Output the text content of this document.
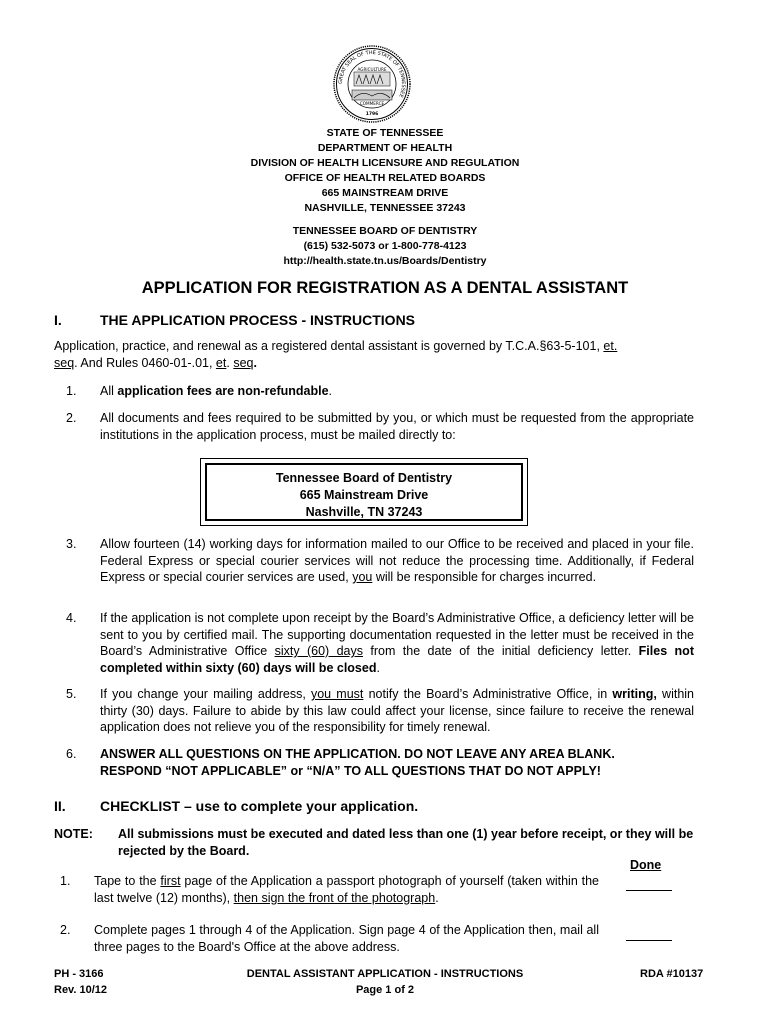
GREAT SEAL OF THE STATE OF TENNESSEE
AGRICULTURE
COMMERCE
1796
STATE OF TENNESSEE
DEPARTMENT OF HEALTH
DIVISION OF HEALTH LICENSURE AND REGULATION
OFFICE OF HEALTH RELATED BOARDS
665 MAINSTREAM DRIVE
NASHVILLE, TENNESSEE 37243
TENNESSEE BOARD OF DENTISTRY
(615) 532-5073 or 1-800-778-4123
http://health.state.tn.us/Boards/Dentistry
APPLICATION FOR REGISTRATION AS A DENTAL ASSISTANT
I.	THE APPLICATION PROCESS - INSTRUCTIONS
Application, practice, and renewal as a registered dental assistant is governed by T.C.A.§63-5-101, et.
seq. And Rules 0460-01-.01, et. seq.
1. All application fees are non-refundable.
2. All documents and fees required to be submitted by you, or which must be requested from the appropriate institutions in the application process, must be mailed directly to:
Tennessee Board of Dentistry
665 Mainstream Drive
Nashville, TN 37243
3. Allow fourteen (14) working days for information mailed to our Office to be received and placed in your file. Federal Express or special courier services will not reduce the processing time. Additionally, if Federal Express or special courier services are used, you will be responsible for charges incurred.
4. If the application is not complete upon receipt by the Board’s Administrative Office, a deficiency letter will be sent to you by certified mail. The supporting documentation requested in the letter must be received in the Board’s Administrative Office sixty (60) days from the date of the initial deficiency letter. Files not completed within sixty (60) days will be closed.
5. If you change your mailing address, you must notify the Board’s Administrative Office, in writing, within thirty (30) days. Failure to abide by this law could affect your license, since failure to receive the renewal application does not relieve you of the responsibility for timely renewal.
6. ANSWER ALL QUESTIONS ON THE APPLICATION. DO NOT LEAVE ANY AREA BLANK.
RESPOND “NOT APPLICABLE” or “N/A” TO ALL QUESTIONS THAT DO NOT APPLY!
II. CHECKLIST – use to complete your application.
NOTE: All submissions must be executed and dated less than one (1) year before receipt, or they will be rejected by the Board.
Done
1. Tape to the first page of the Application a passport photograph of yourself (taken within the last twelve (12) months), then sign the front of the photograph.
2. Complete pages 1 through 4 of the Application. Sign page 4 of the Application then, mail all three pages to the Board's Office at the above address.
PH - 3166
Rev. 10/12
DENTAL ASSISTANT APPLICATION - INSTRUCTIONS
Page 1 of 2
RDA #10137
